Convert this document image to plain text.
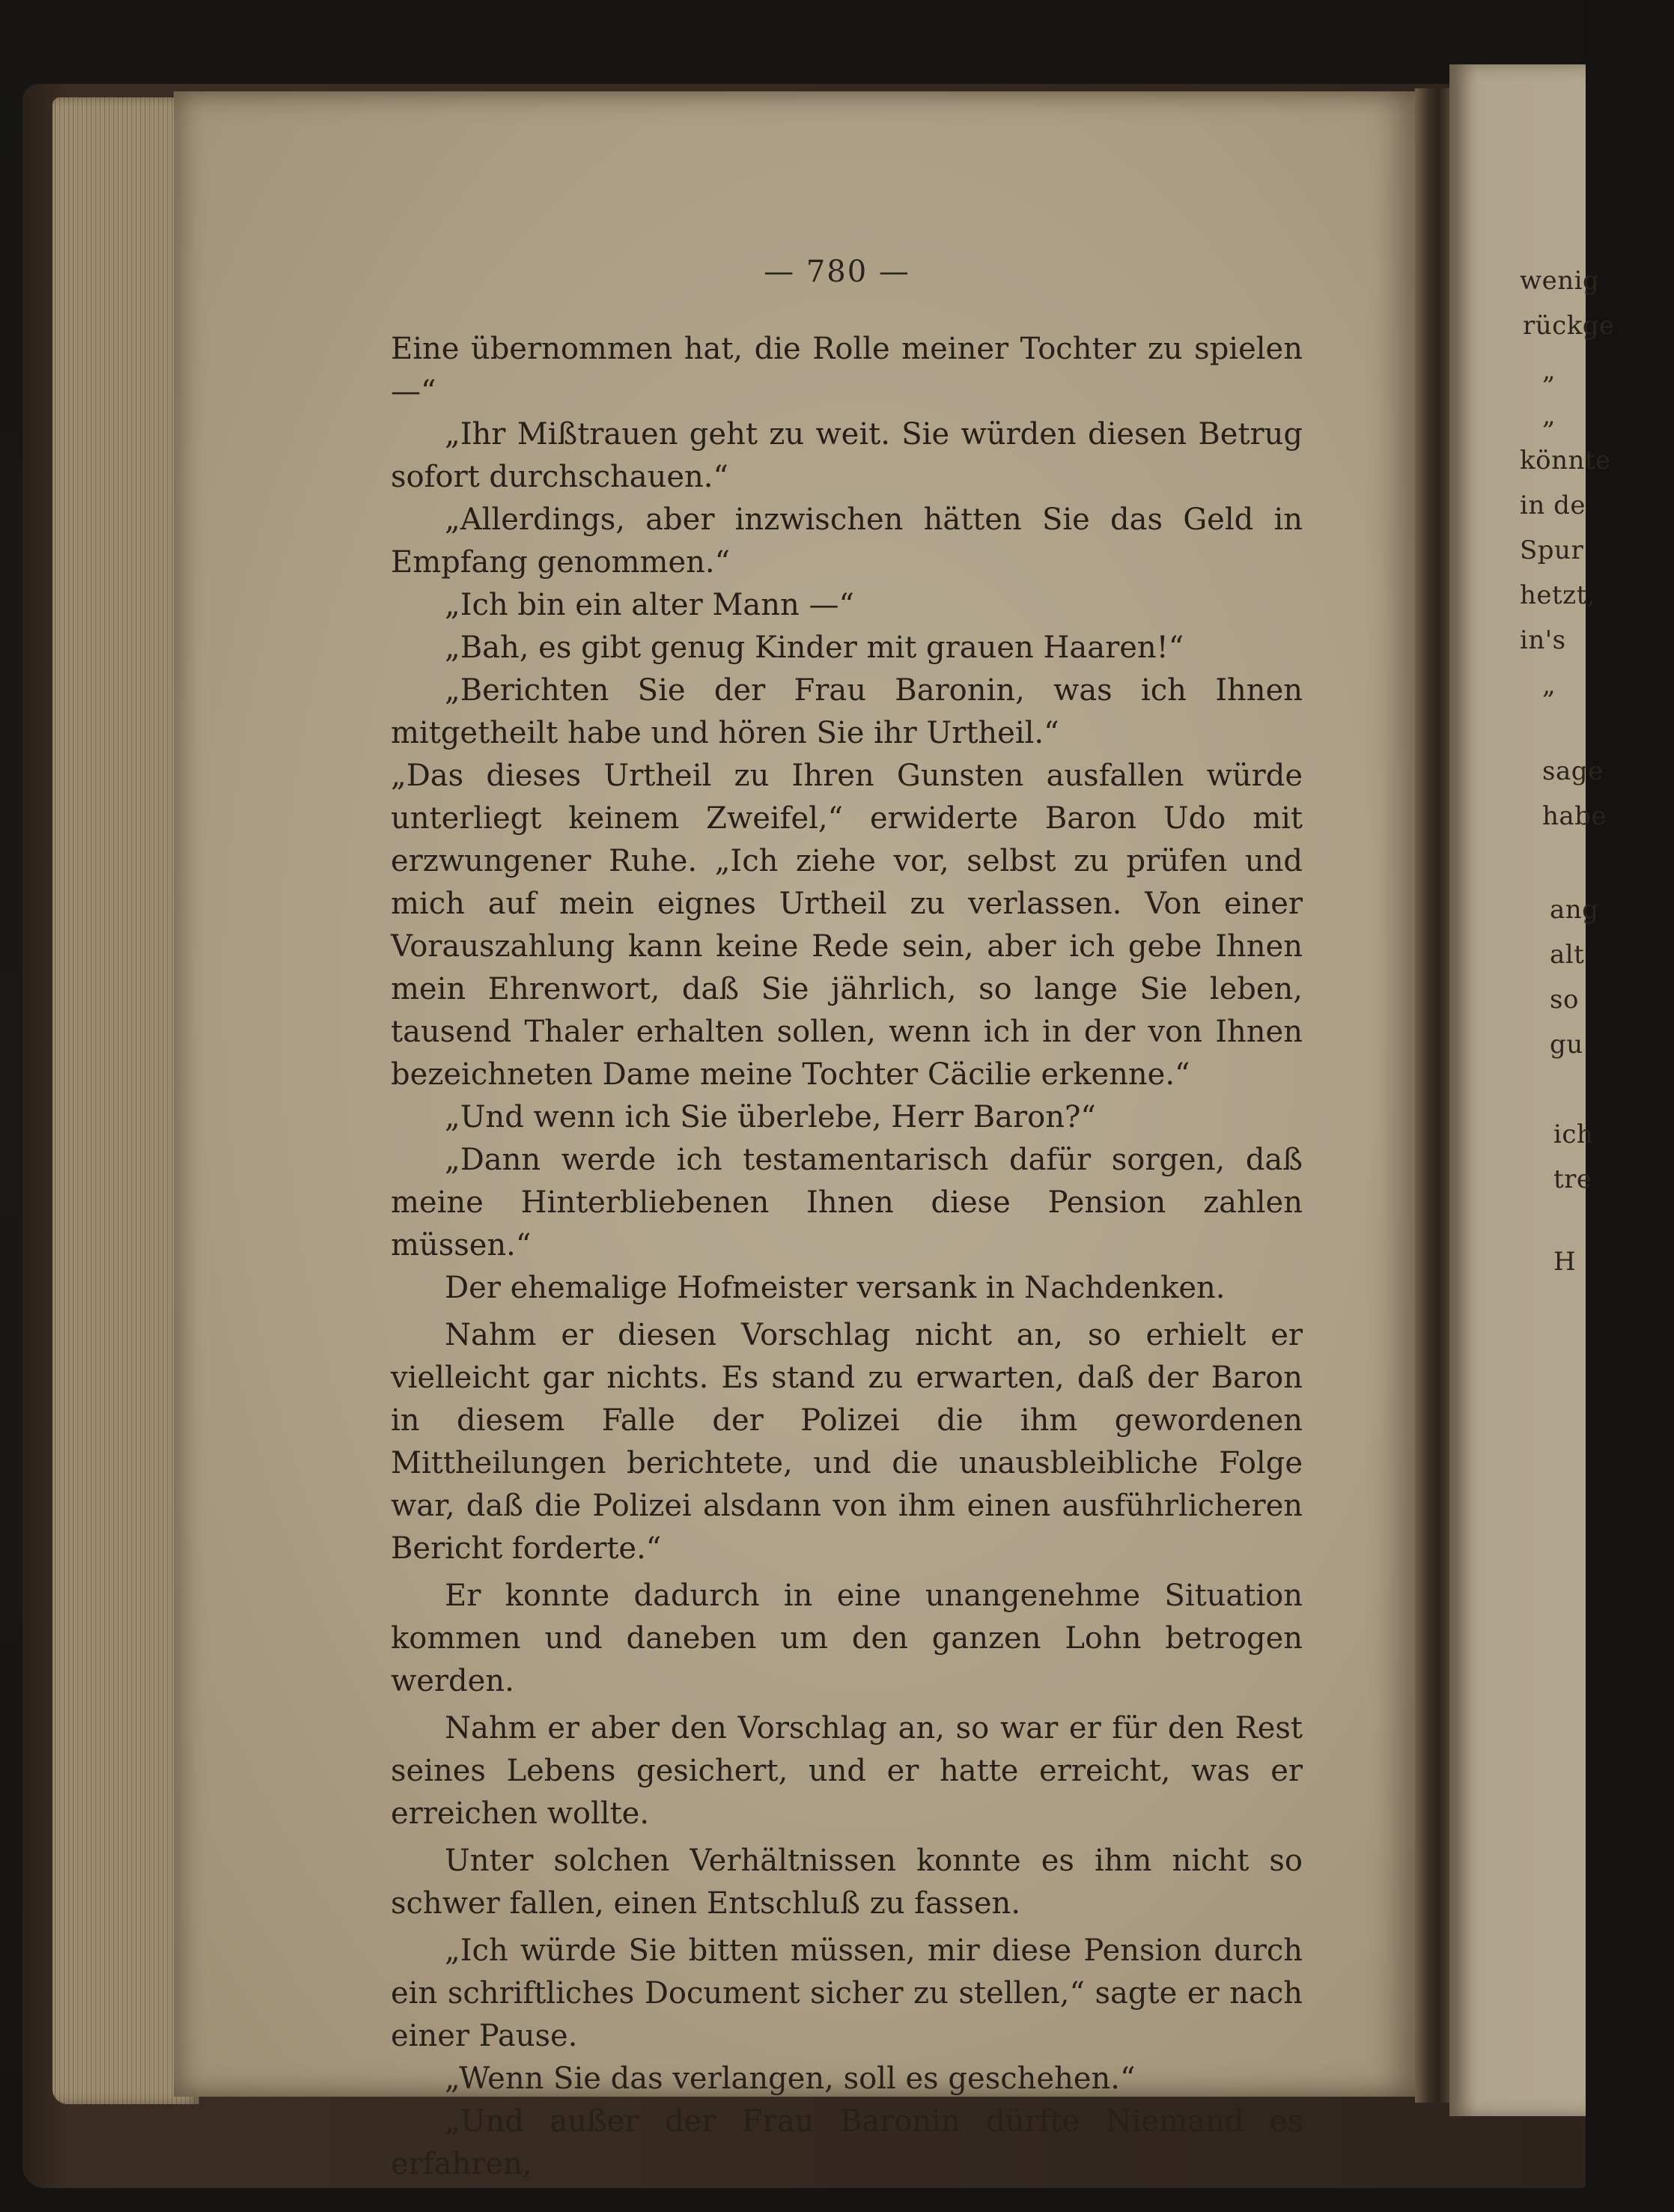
wenig
rückge
„
„
könnte
in de
Spur
hetzt,
in's
„
sage
habe
ang
alt
so
gu
ich
tre
H
— 780 —

Eine übernommen hat, die Rolle meiner Tochter zu spielen —“

„Ihr Mißtrauen geht zu weit. Sie würden diesen Betrug sofort durchschauen.“

„Allerdings, aber inzwischen hätten Sie das Geld in Empfang genommen.“

„Ich bin ein alter Mann —“

„Bah, es gibt genug Kinder mit grauen Haaren!“

„Berichten Sie der Frau Baronin, was ich Ihnen mitgetheilt habe und hören Sie ihr Urtheil.“

„Das dieses Urtheil zu Ihren Gunsten ausfallen würde unterliegt keinem Zweifel,“ erwiderte Baron Udo mit erzwungener Ruhe. „Ich ziehe vor, selbst zu prüfen und mich auf mein eignes Urtheil zu verlassen. Von einer Vorauszahlung kann keine Rede sein, aber ich gebe Ihnen mein Ehrenwort, daß Sie jährlich, so lange Sie leben, tausend Thaler erhalten sollen, wenn ich in der von Ihnen bezeichneten Dame meine Tochter Cäcilie erkenne.“

„Und wenn ich Sie überlebe, Herr Baron?“

„Dann werde ich testamentarisch dafür sorgen, daß meine Hinterbliebenen Ihnen diese Pension zahlen müssen.“

Der ehemalige Hofmeister versank in Nachdenken.

Nahm er diesen Vorschlag nicht an, so erhielt er vielleicht gar nichts. Es stand zu erwarten, daß der Baron in diesem Falle der Polizei die ihm gewordenen Mittheilungen berichtete, und die unausbleibliche Folge war, daß die Polizei alsdann von ihm einen ausführlicheren Bericht forderte.“

Er konnte dadurch in eine unangenehme Situation kommen und daneben um den ganzen Lohn betrogen werden.

Nahm er aber den Vorschlag an, so war er für den Rest seines Lebens gesichert, und er hatte erreicht, was er erreichen wollte.

Unter solchen Verhältnissen konnte es ihm nicht so schwer fallen, einen Entschluß zu fassen.

„Ich würde Sie bitten müssen, mir diese Pension durch ein schriftliches Document sicher zu stellen,“ sagte er nach einer Pause.

„Wenn Sie das verlangen, soll es geschehen.“

„Und außer der Frau Baronin dürfte Niemand es erfahren,
